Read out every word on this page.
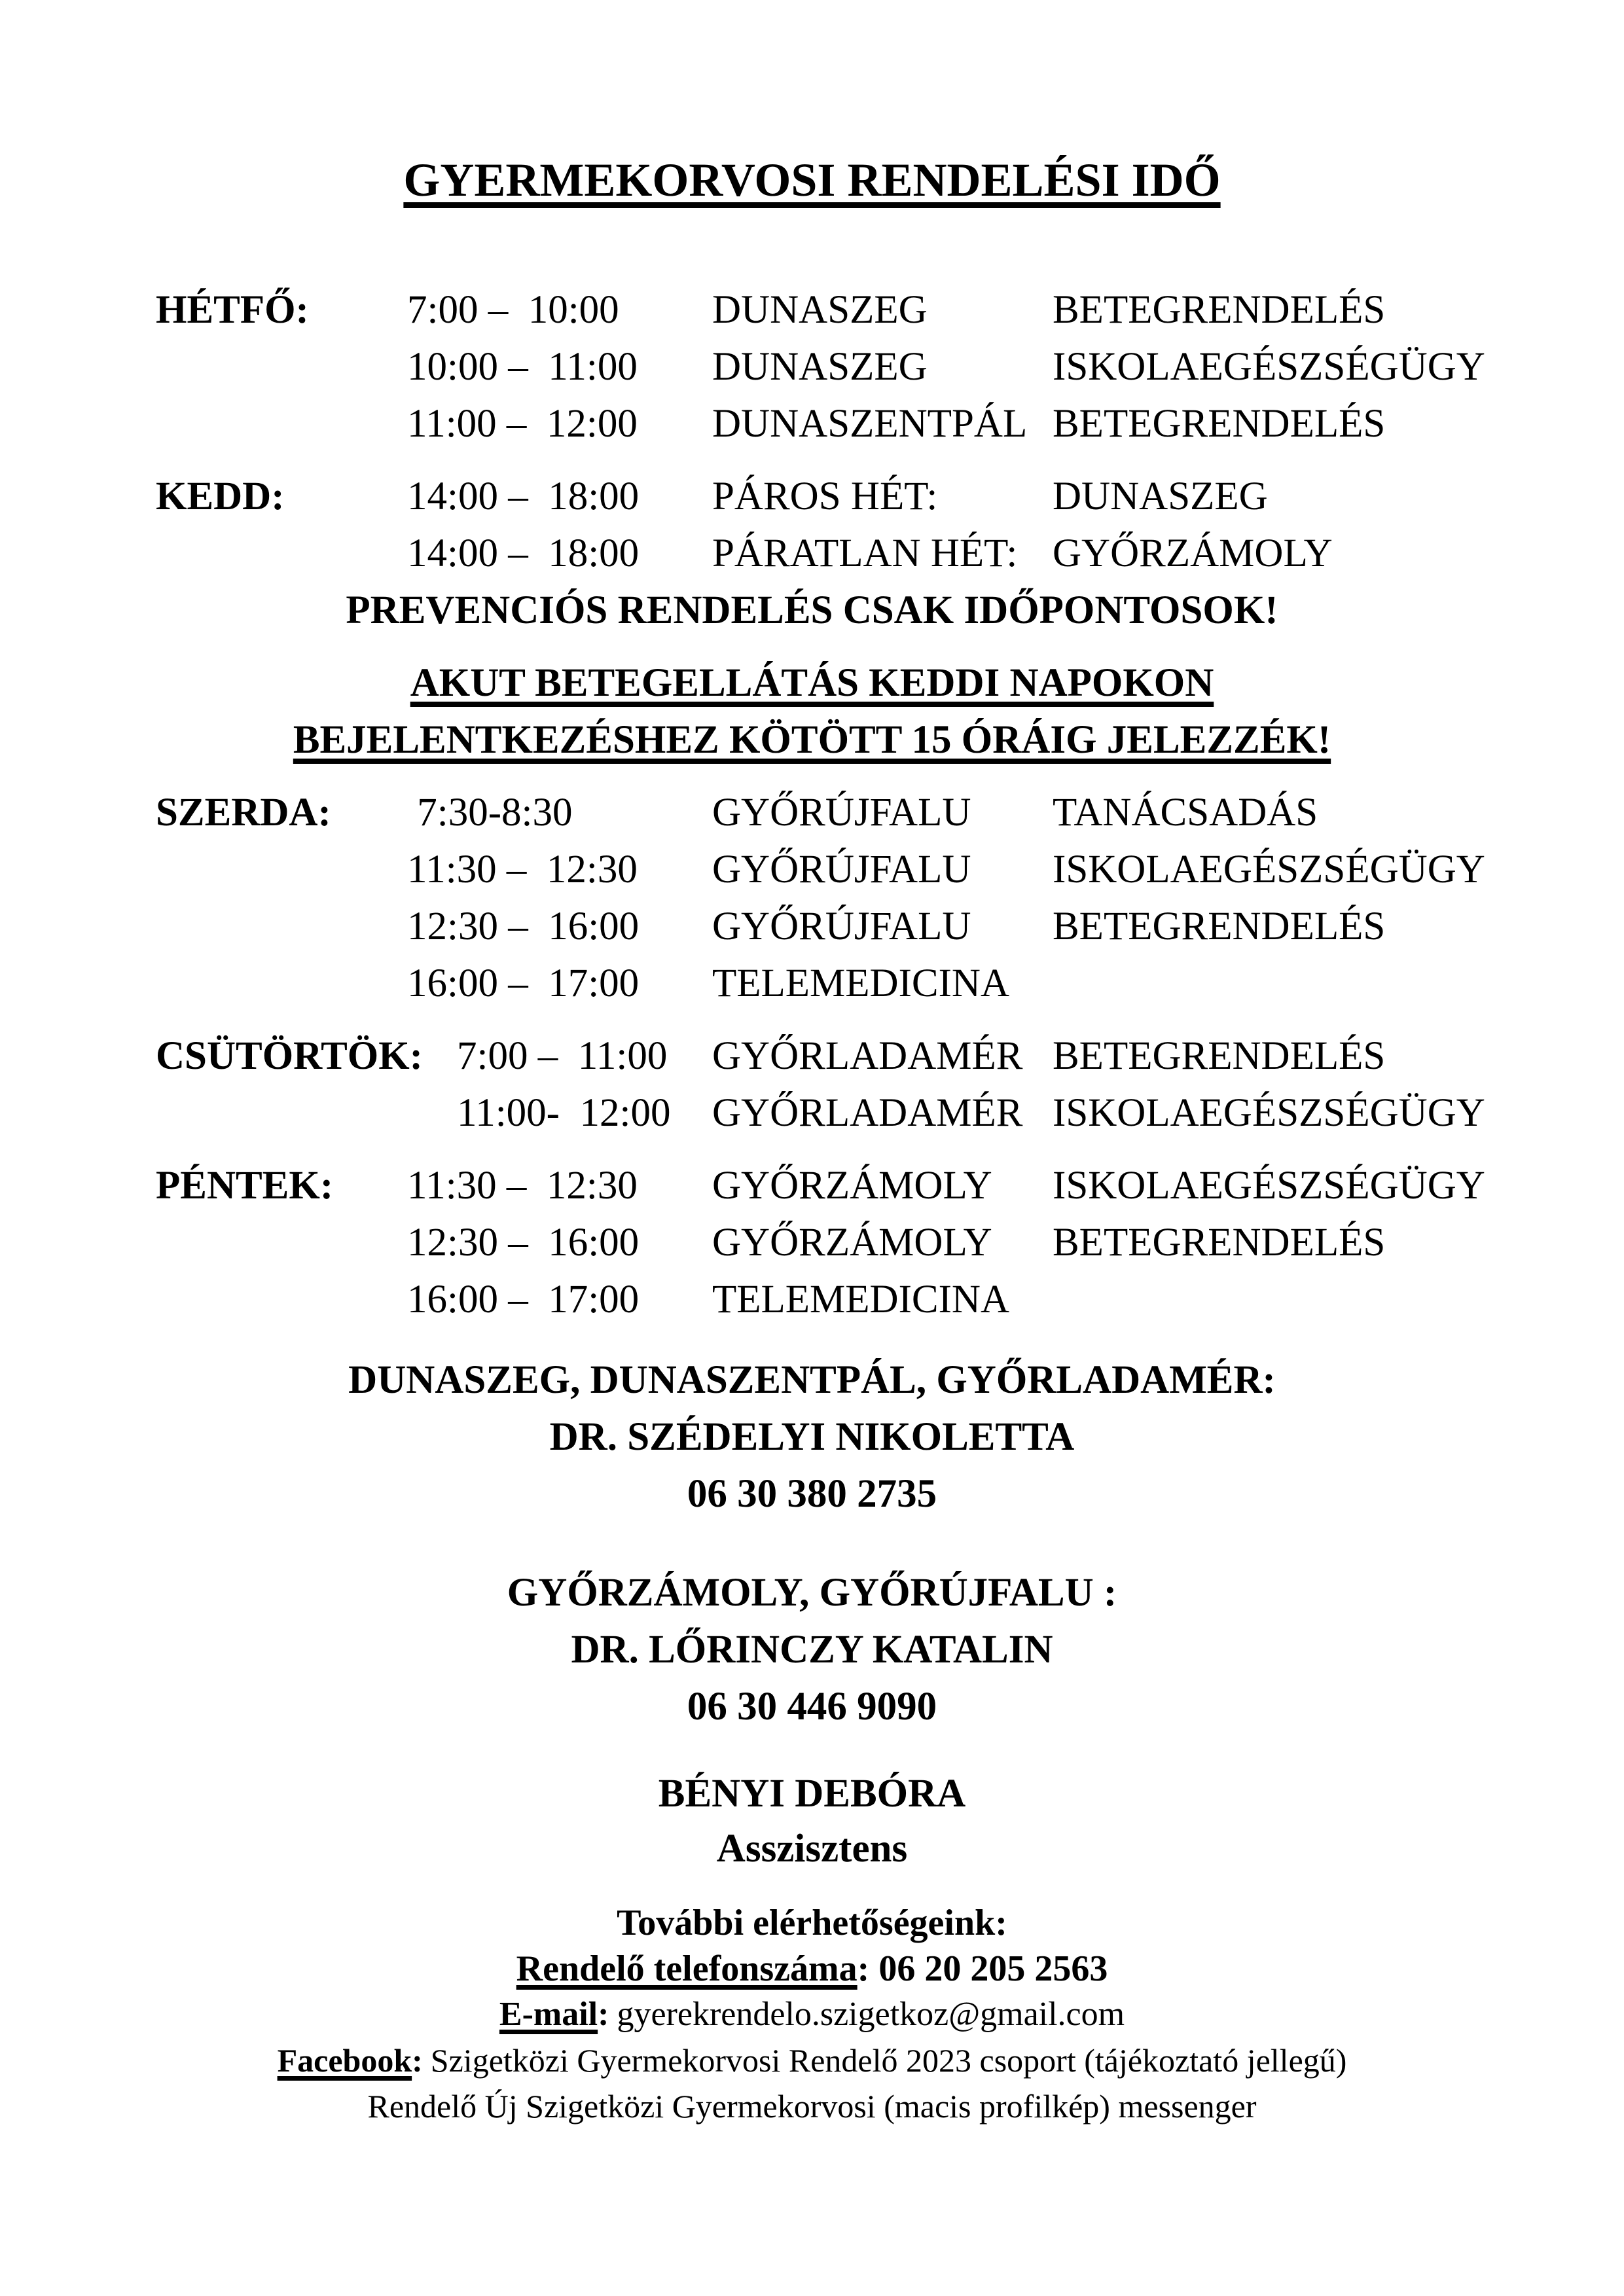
GYERMEKORVOSI RENDELÉSI IDŐ
HÉTFŐ: 7:00 –  10:00 DUNASZEG	BETEGRENDELÉS
10:00 –  11:00 DUNASZEG	ISKOLAEGÉSZSÉGÜGY
11:00 –  12:00 DUNASZENTPÁL BETEGRENDELÉS
KEDD:	14:00 –  18:00 PÁROS HÉT:	DUNASZEG
14:00 –  18:00 PÁRATLAN HÉT: GYŐRZÁMOLY
PREVENCIÓS RENDELÉS CSAK IDŐPONTOSOK!
AKUT BETEGELLÁTÁS KEDDI NAPOKON
BEJELENTKEZÉSHEZ KÖTÖTT 15 ÓRÁIG JELEZZÉK!
SZERDA: 7:30-8:30	GYŐRÚJFALU TANÁCSADÁS
11:30 –  12:30 GYŐRÚJFALU ISKOLAEGÉSZSÉGÜGY
12:30 –  16:00 GYŐRÚJFALU BETEGRENDELÉS
16:00 –  17:00 TELEMEDICINA
CSÜTÖRTÖK: 7:00 –  11:00 GYŐRLADAMÉR BETEGRENDELÉS
11:00-  12:00 GYŐRLADAMÉR ISKOLAEGÉSZSÉGÜGY
PÉNTEK: 11:30 –  12:30 GYŐRZÁMOLY ISKOLAEGÉSZSÉGÜGY
12:30 –  16:00 GYŐRZÁMOLY BETEGRENDELÉS
16:00 –  17:00 TELEMEDICINA
DUNASZEG, DUNASZENTPÁL, GYŐRLADAMÉR:
DR. SZÉDELYI NIKOLETTA
06 30 380 2735
GYŐRZÁMOLY, GYŐRÚJFALU :
DR. LŐRINCZY KATALIN
06 30 446 9090
BÉNYI DEBÓRA
Asszisztens
További elérhetőségeink:
Rendelő telefonszáma: 06 20 205 2563
E-mail: gyerekrendelo.szigetkoz@gmail.com
Facebook: Szigetközi Gyermekorvosi Rendelő 2023 csoport (tájékoztató jellegű)
Rendelő Új Szigetközi Gyermekorvosi (macis profilkép) messenger
